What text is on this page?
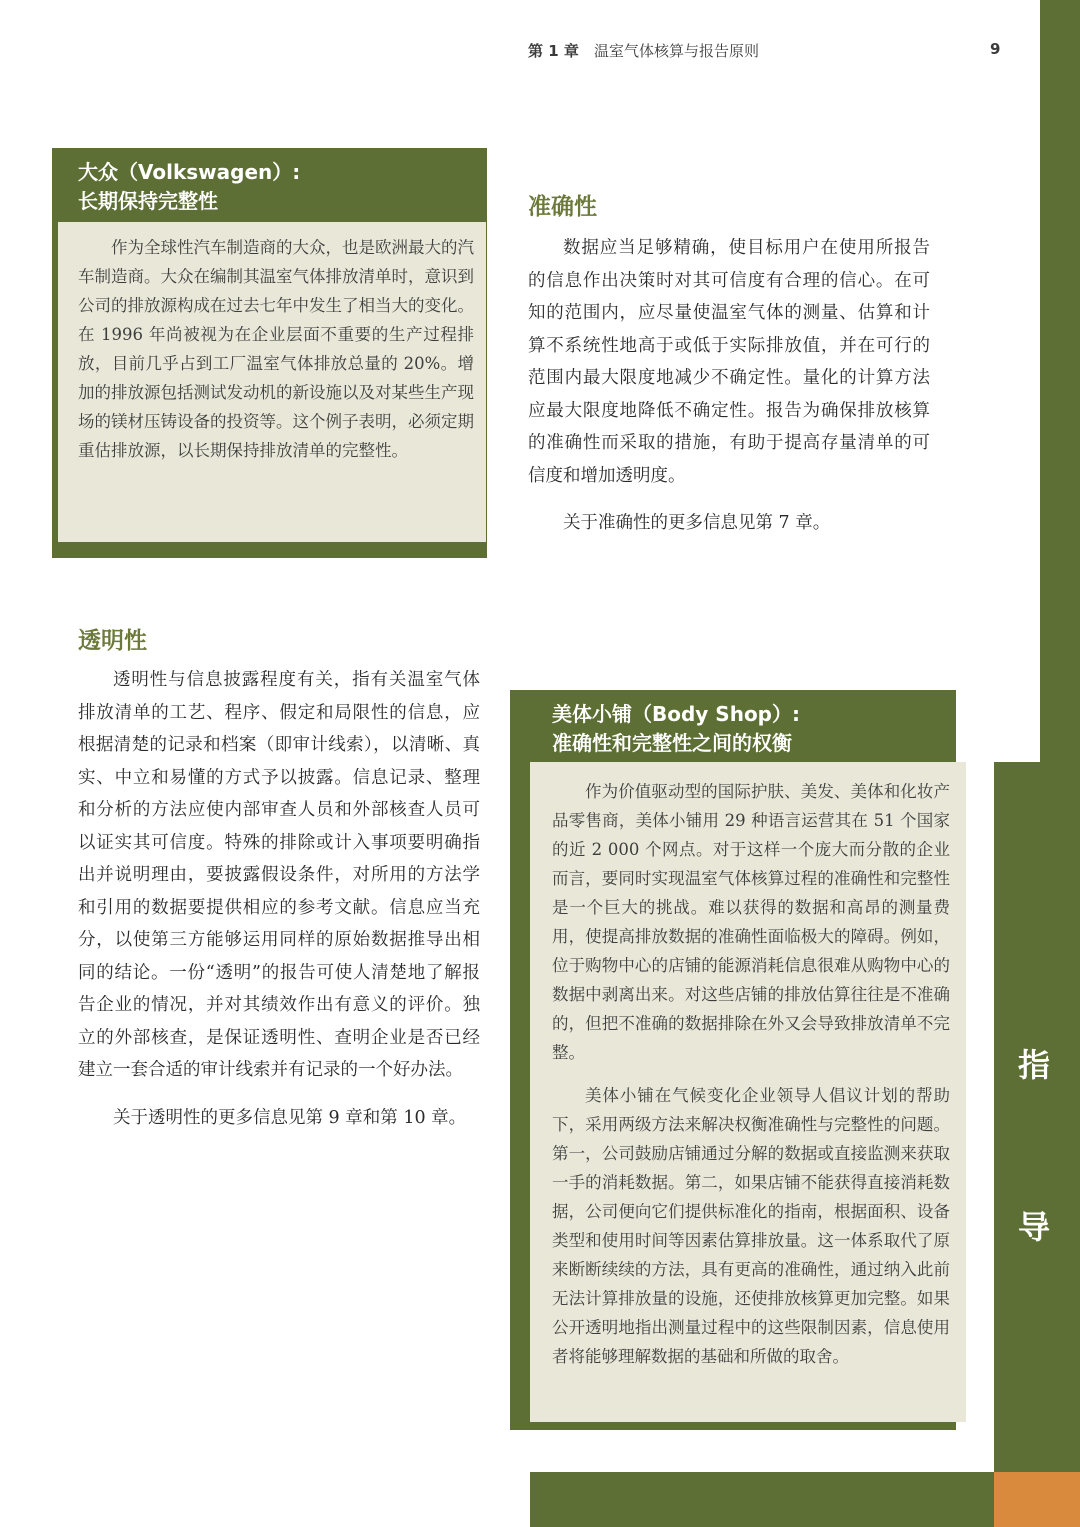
第 1 章 温室气体核算与报告原则	9
指
导
大众（Volkswagen）:
长期保持完整性

作为全球性汽车制造商的大众，也是欧洲最大的汽车制造商。大众在编制其温室气体排放清单时，意识到公司的排放源构成在过去七年中发生了相当大的变化。在 1996 年尚被视为在企业层面不重要的生产过程排放，目前几乎占到工厂温室气体排放总量的 20%。增加的排放源包括测试发动机的新设施以及对某些生产现场的镁材压铸设备的投资等。这个例子表明，必须定期重估排放源，以长期保持排放清单的完整性。

准确性

数据应当足够精确，使目标用户在使用所报告的信息作出决策时对其可信度有合理的信心。在可知的范围内，应尽量使温室气体的测量、估算和计算不系统性地高于或低于实际排放值，并在可行的范围内最大限度地减少不确定性。量化的计算方法应最大限度地降低不确定性。报告为确保排放核算的准确性而采取的措施，有助于提高存量清单的可信度和增加透明度。

关于准确性的更多信息见第 7 章。

透明性

透明性与信息披露程度有关，指有关温室气体排放清单的工艺、程序、假定和局限性的信息，应根据清楚的记录和档案（即审计线索），以清晰、真实、中立和易懂的方式予以披露。信息记录、整理和分析的方法应使内部审查人员和外部核查人员可以证实其可信度。特殊的排除或计入事项要明确指出并说明理由，要披露假设条件，对所用的方法学和引用的数据要提供相应的参考文献。信息应当充分，以使第三方能够运用同样的原始数据推导出相同的结论。一份“透明”的报告可使人清楚地了解报告企业的情况，并对其绩效作出有意义的评价。独立的外部核查，是保证透明性、查明企业是否已经建立一套合适的审计线索并有记录的一个好办法。

关于透明性的更多信息见第 9 章和第 10 章。

美体小铺（Body Shop）:
准确性和完整性之间的权衡

作为价值驱动型的国际护肤、美发、美体和化妆产品零售商，美体小铺用 29 种语言运营其在 51 个国家的近 2 000 个网点。对于这样一个庞大而分散的企业而言，要同时实现温室气体核算过程的准确性和完整性是一个巨大的挑战。难以获得的数据和高昂的测量费用，使提高排放数据的准确性面临极大的障碍。例如，位于购物中心的店铺的能源消耗信息很难从购物中心的数据中剥离出来。对这些店铺的排放估算往往是不准确的，但把不准确的数据排除在外又会导致排放清单不完整。

美体小铺在气候变化企业领导人倡议计划的帮助下，采用两级方法来解决权衡准确性与完整性的问题。第一，公司鼓励店铺通过分解的数据或直接监测来获取一手的消耗数据。第二，如果店铺不能获得直接消耗数据，公司便向它们提供标准化的指南，根据面积、设备类型和使用时间等因素估算排放量。这一体系取代了原来断断续续的方法，具有更高的准确性，通过纳入此前无法计算排放量的设施，还使排放核算更加完整。如果公开透明地指出测量过程中的这些限制因素，信息使用者将能够理解数据的基础和所做的取舍。
